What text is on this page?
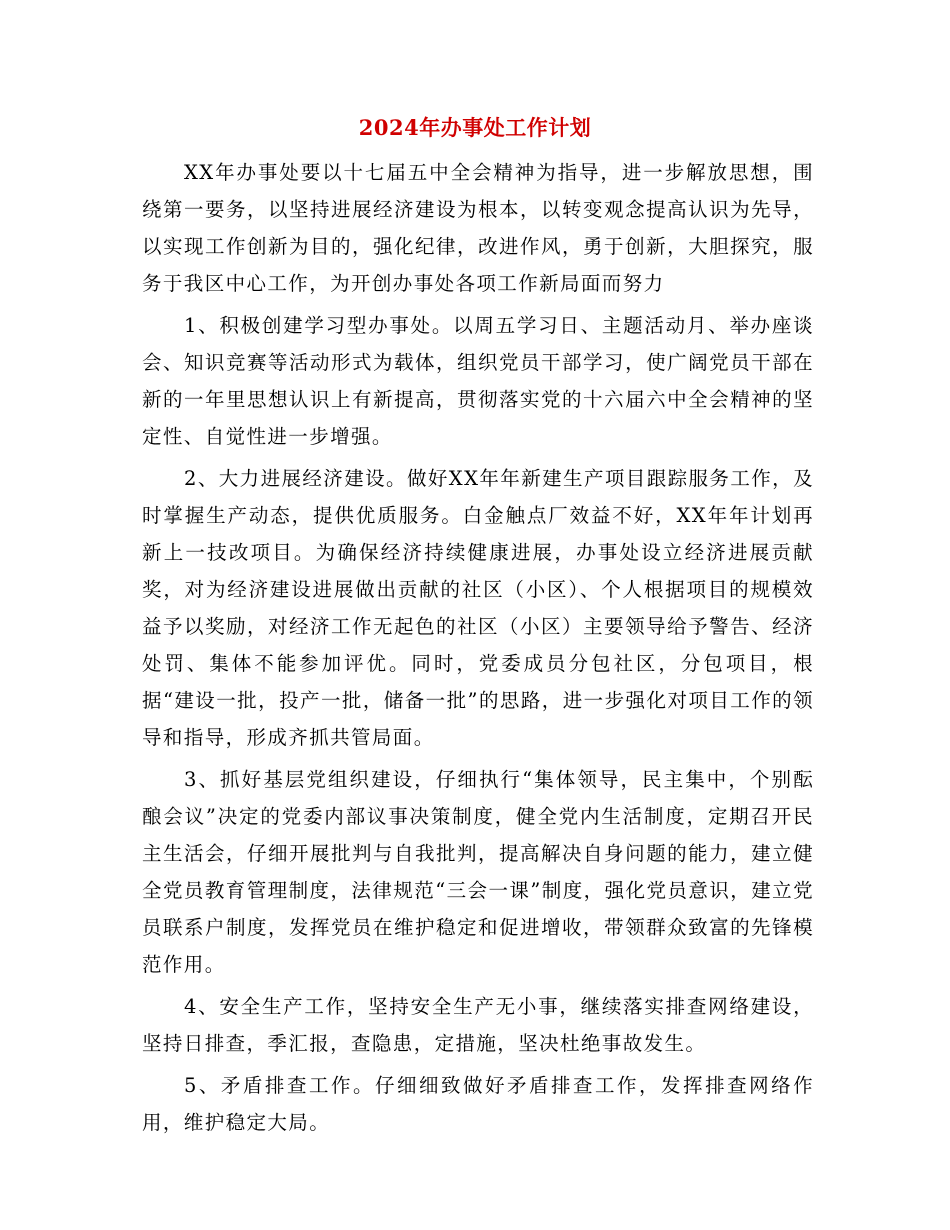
2024年办事处工作计划

XX年办事处要以十七届五中全会精神为指导，进一步解放思想，围绕第一要务，以坚持进展经济建设为根本，以转变观念提高认识为先导，以实现工作创新为目的，强化纪律，改进作风，勇于创新，大胆探究，服务于我区中心工作，为开创办事处各项工作新局面而努力

1、积极创建学习型办事处。以周五学习日、主题活动月、举办座谈会、知识竞赛等活动形式为载体，组织党员干部学习，使广阔党员干部在新的一年里思想认识上有新提高，贯彻落实党的十六届六中全会精神的坚定性、自觉性进一步增强。

2、大力进展经济建设。做好XX年年新建生产项目跟踪服务工作，及时掌握生产动态，提供优质服务。白金触点厂效益不好，XX年年计划再新上一技改项目。为确保经济持续健康进展，办事处设立经济进展贡献奖，对为经济建设进展做出贡献的社区（小区）、个人根据项目的规模效益予以奖励，对经济工作无起色的社区（小区）主要领导给予警告、经济处罚、集体不能参加评优。同时，党委成员分包社区，分包项目，根据“建设一批，投产一批，储备一批”的思路，进一步强化对项目工作的领导和指导，形成齐抓共管局面。

3、抓好基层党组织建设，仔细执行“集体领导，民主集中，个别酝酿会议”决定的党委内部议事决策制度，健全党内生活制度，定期召开民主生活会，仔细开展批判与自我批判，提高解决自身问题的能力，建立健全党员教育管理制度，法律规范“三会一课”制度，强化党员意识，建立党员联系户制度，发挥党员在维护稳定和促进增收，带领群众致富的先锋模范作用。

4、安全生产工作，坚持安全生产无小事，继续落实排查网络建设，坚持日排查，季汇报，查隐患，定措施，坚决杜绝事故发生。

5、矛盾排查工作。仔细细致做好矛盾排查工作，发挥排查网络作用，维护稳定大局。
